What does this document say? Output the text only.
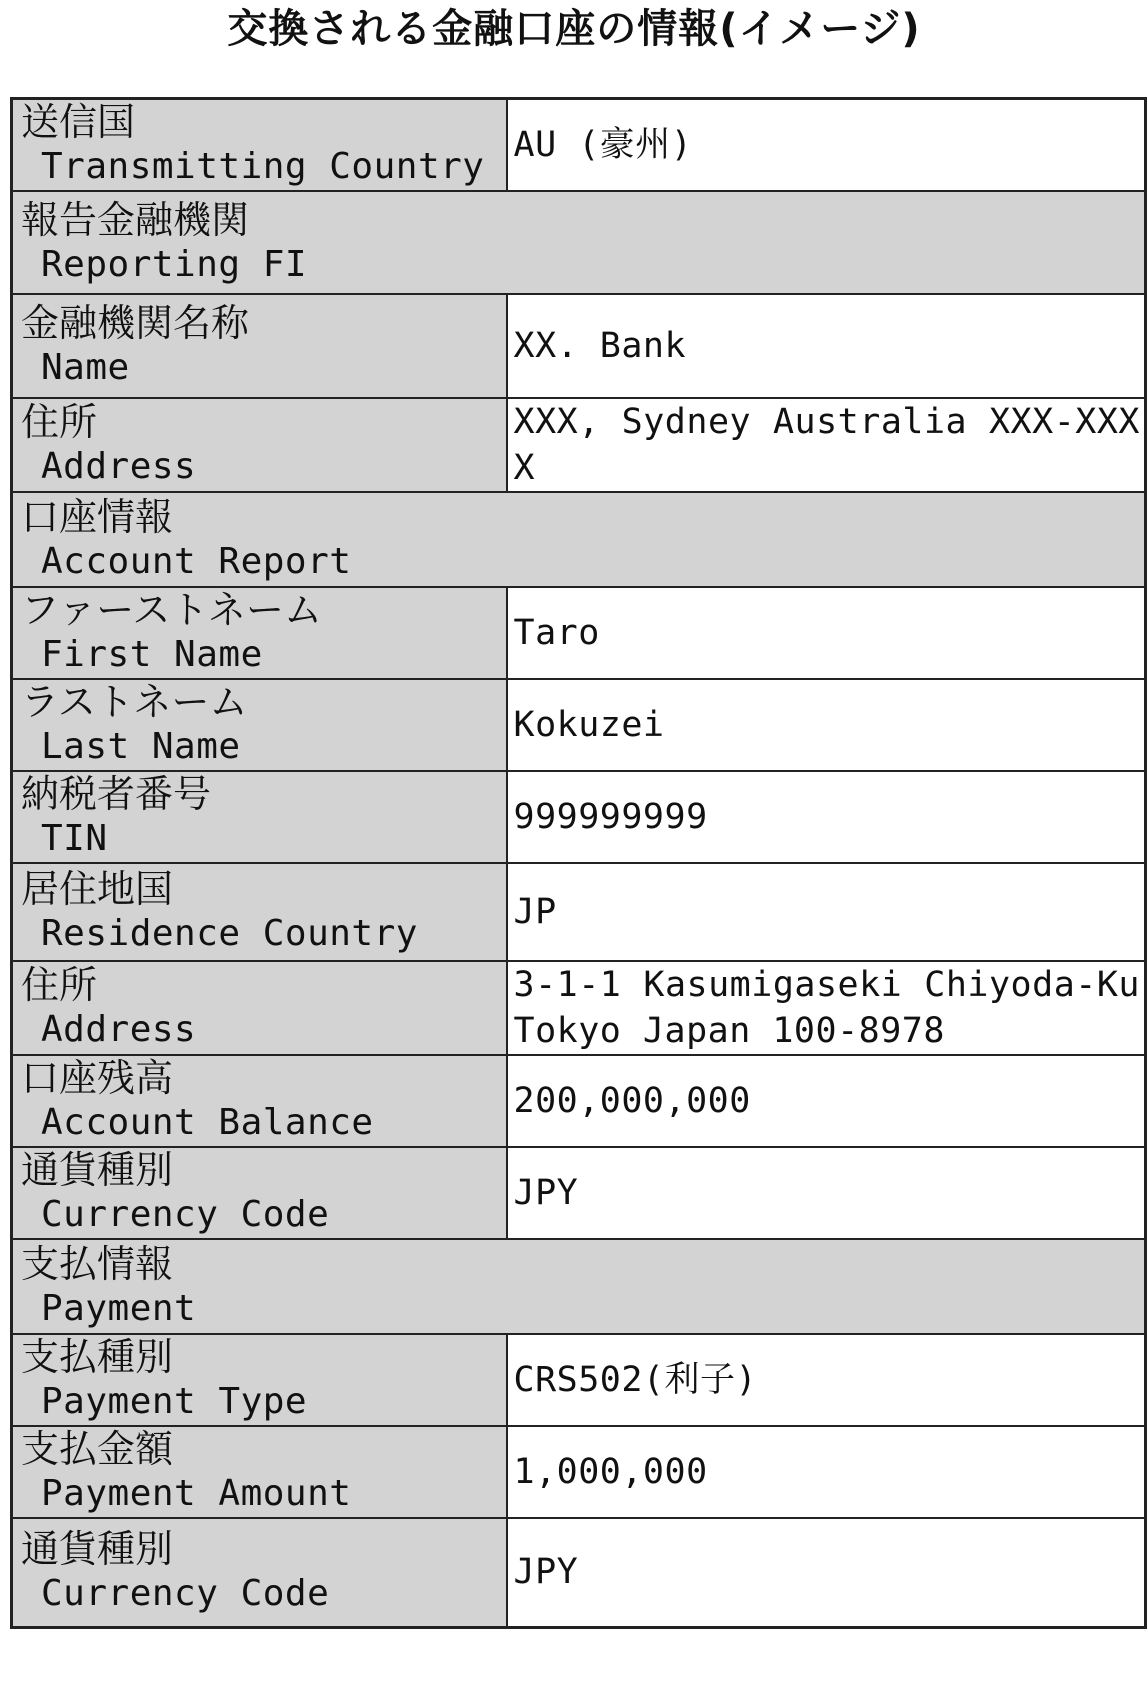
交換される金融口座の情報(イメージ)
送信国
Transmitting Country	AU (豪州)

報告金融機関
Reporting FI	

金融機関名称
Name	XX. Bank

住所
Address	XXX, Sydney Australia XXX-XXXX

口座情報
Account Report	

ファーストネーム
First Name	Taro

ラストネーム
Last Name	Kokuzei

納税者番号
TIN	999999999

居住地国
Residence Country	JP

住所
Address	3-1-1 Kasumigaseki Chiyoda-Ku Tokyo Japan 100-8978

口座残高
Account Balance	200,000,000

通貨種別
Currency Code	JPY

支払情報
Payment	

支払種別
Payment Type	CRS502(利子)

支払金額
Payment Amount	1,000,000

通貨種別
Currency Code	JPY
